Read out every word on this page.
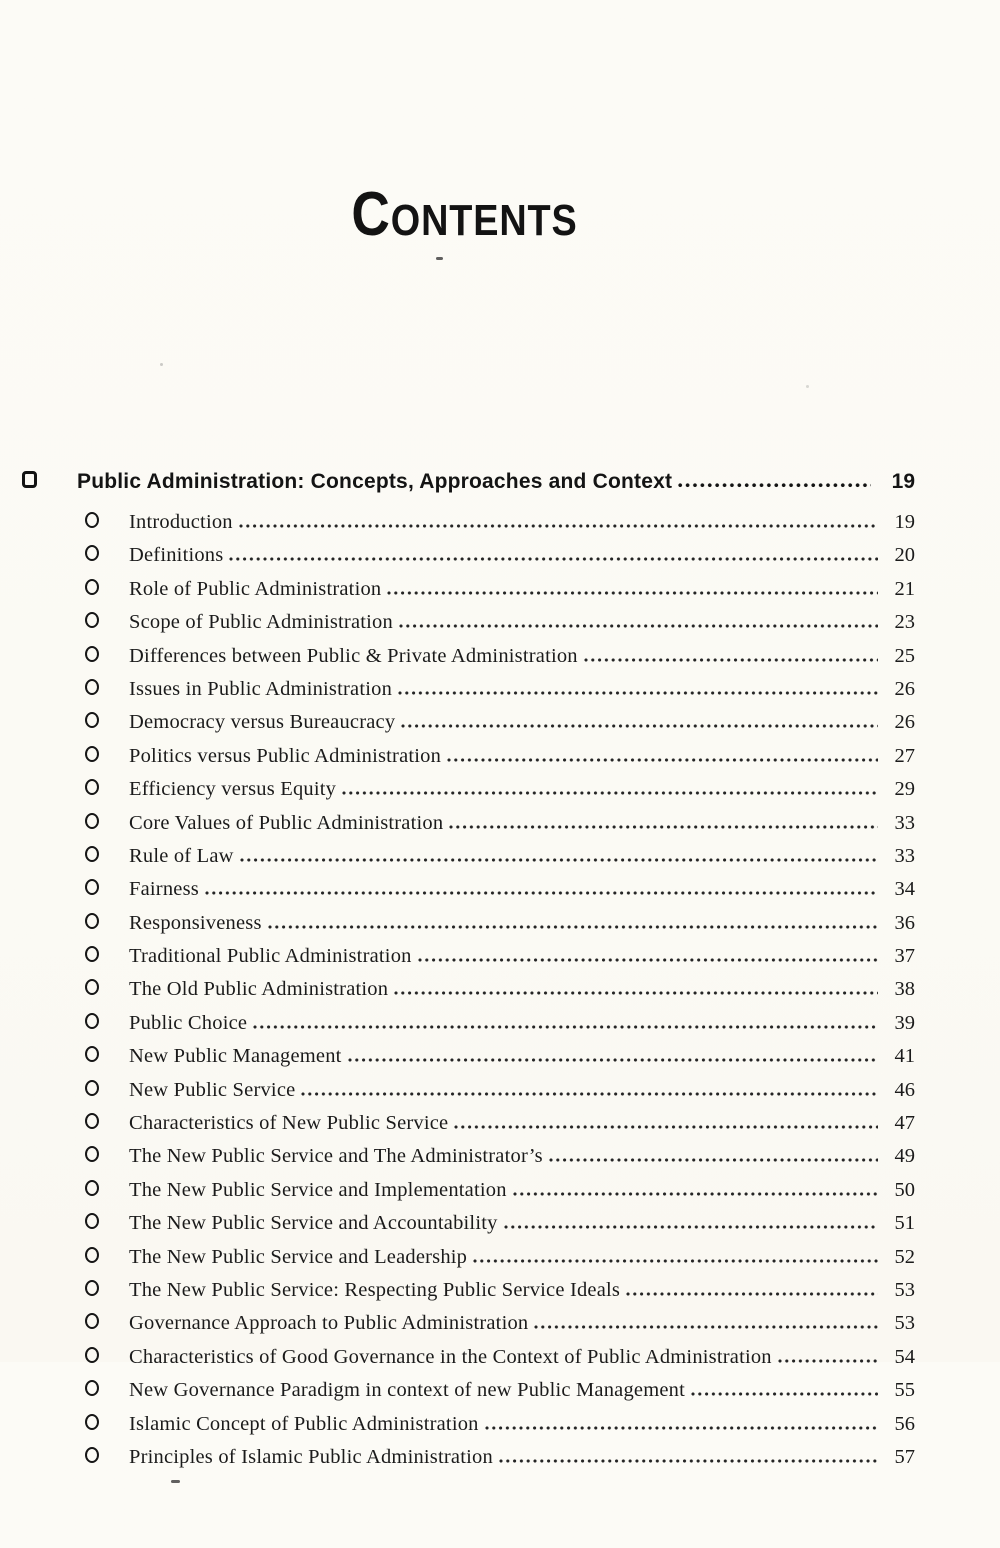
CONTENTS
Public Administration: Concepts, Approaches and Context	19
Introduction	19
Definitions	20
Role of Public Administration	21
Scope of Public Administration	23
Differences between Public & Private Administration	25
Issues in Public Administration	26
Democracy versus Bureaucracy	26
Politics versus Public Administration	27
Efficiency versus Equity	29
Core Values of Public Administration	33
Rule of Law	33
Fairness	34
Responsiveness	36
Traditional Public Administration	37
The Old Public Administration	38
Public Choice	39
New Public Management	41
New Public Service	46
Characteristics of New Public Service	47
The New Public Service and The Administrator’s	49
The New Public Service and Implementation	50
The New Public Service and Accountability	51
The New Public Service and Leadership	52
The New Public Service: Respecting Public Service Ideals	53
Governance Approach to Public Administration	53
Characteristics of Good Governance in the Context of Public Administration	54
New Governance Paradigm in context of new Public Management	55
Islamic Concept of Public Administration	56
Principles of Islamic Public Administration	57
